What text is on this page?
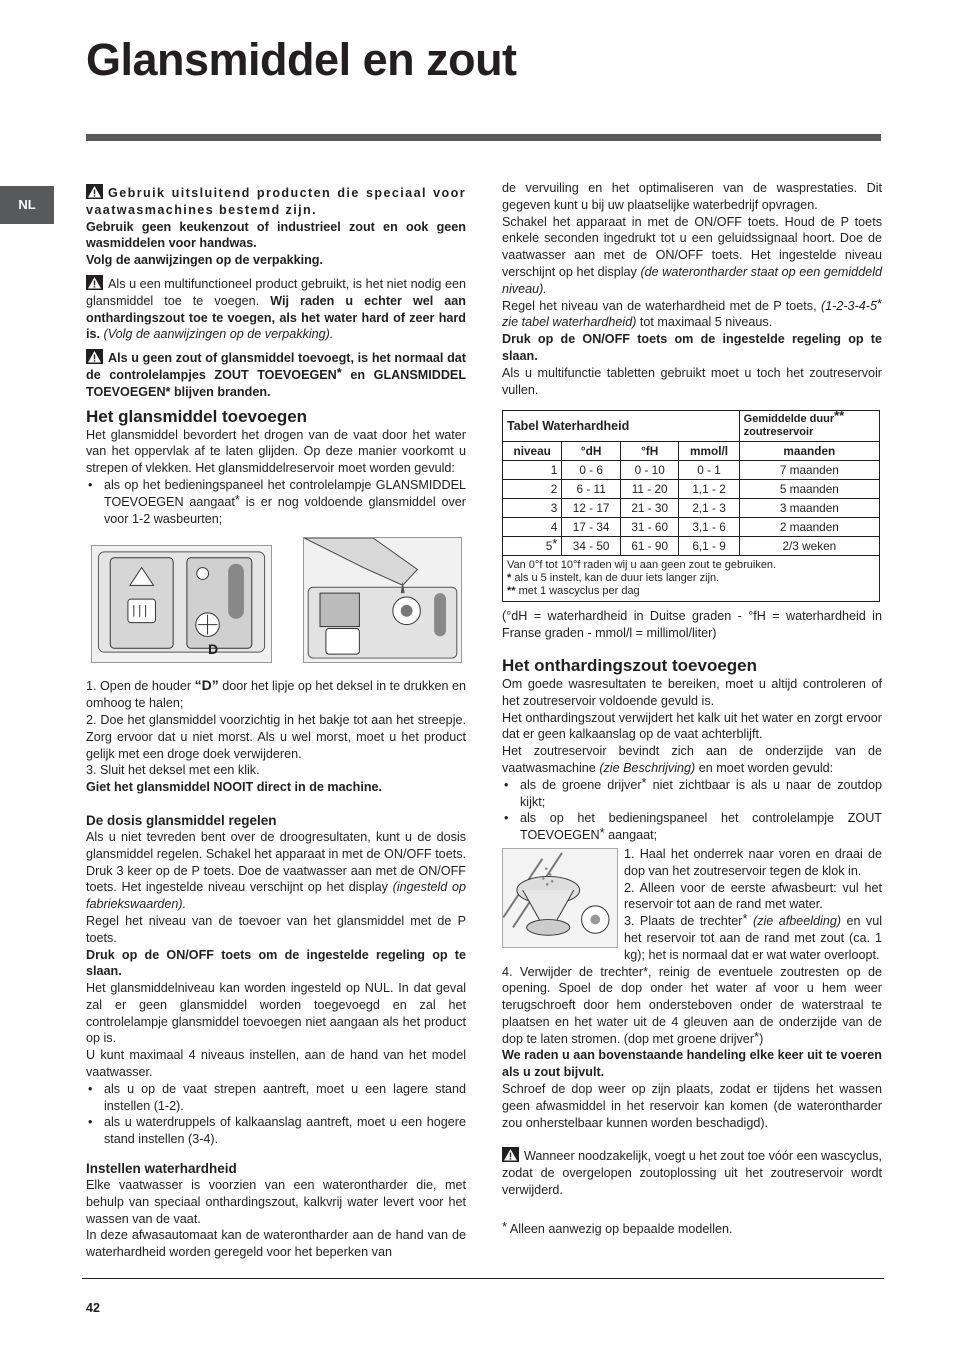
Glansmiddel en zout
NL

Gebruik uitsluitend producten die speciaal voor vaatwasmachines bestemd zijn.
Gebruik geen keukenzout of industrieel zout en ook geen wasmiddelen voor handwas.
Volg de aanwijzingen op de verpakking.

Als u een multifunctioneel product gebruikt, is het niet nodig een glansmiddel toe te voegen. Wij raden u echter wel aan onthardingszout toe te voegen, als het water hard of zeer hard is. (Volg de aanwijzingen op de verpakking).

Als u geen zout of glansmiddel toevoegt, is het normaal dat de controlelampjes ZOUT TOEVOEGEN* en GLANSMIDDEL TOEVOEGEN* blijven branden.

Het glansmiddel toevoegen

Het glansmiddel bevordert het drogen van de vaat door het water van het oppervlak af te laten glijden. Op deze manier voorkomt u strepen of vlekken. Het glansmiddelreservoir moet worden gevuld:

• als op het bedieningspaneel het controlelampje GLANSMIDDEL TOEVOEGEN aangaat* is er nog voldoende glansmiddel over voor 1-2 wasbeurten;
D

1. Open de houder “D” door het lipje op het deksel in te drukken en omhoog te halen;

2. Doe het glansmiddel voorzichtig in het bakje tot aan het streepje. Zorg ervoor dat u niet morst. Als u wel morst, moet u het product gelijk met een droge doek verwijderen.

3. Sluit het deksel met een klik.

Giet het glansmiddel NOOIT direct in de machine.

De dosis glansmiddel regelen

Als u niet tevreden bent over de droogresultaten, kunt u de dosis glansmiddel regelen. Schakel het apparaat in met de ON/OFF toets. Druk 3 keer op de P toets. Doe de vaatwasser aan met de ON/OFF toets. Het ingestelde niveau verschijnt op het display (ingesteld op fabriekswaarden).

Regel het niveau van de toevoer van het glansmiddel met de P toets.

Druk op de ON/OFF toets om de ingestelde regeling op te slaan.

Het glansmiddelniveau kan worden ingesteld op NUL. In dat geval zal er geen glansmiddel worden toegevoegd en zal het controlelampje glansmiddel toevoegen niet aangaan als het product op is.

U kunt maximaal 4 niveaus instellen, aan de hand van het model vaatwasser.

• als u op de vaat strepen aantreft, moet u een lagere stand instellen (1-2).
• als u waterdruppels of kalkaanslag aantreft, moet u een hogere stand instellen (3-4).
Instellen waterhardheid

Elke vaatwasser is voorzien van een waterontharder die, met behulp van speciaal onthardingszout, kalkvrij water levert voor het wassen van de vaat.

In deze afwasautomaat kan de waterontharder aan de hand van de waterhardheid worden geregeld voor het beperken van

de vervuiling en het optimaliseren van de wasprestaties. Dit gegeven kunt u bij uw plaatselijke waterbedrijf opvragen.

Schakel het apparaat in met de ON/OFF toets. Houd de P toets enkele seconden ingedrukt tot u een geluidssignaal hoort. Doe de vaatwasser aan met de ON/OFF toets. Het ingestelde niveau verschijnt op het display (de waterontharder staat op een gemiddeld niveau).

Regel het niveau van de waterhardheid met de P toets, (1-2-3-4-5* zie tabel waterhardheid) tot maximaal 5 niveaus.

Druk op de ON/OFF toets om de ingestelde regeling op te slaan.

Als u multifunctie tabletten gebruikt moet u toch het zoutreservoir vullen.

Tabel Waterhardheid				Gemiddelde duur**
zoutreservoir
niveau	°dH	°fH	mmol/l	maanden
1	0 - 6	0 - 10	0 - 1	7 maanden
2	6 - 11	11 - 20	1,1 - 2	5 maanden
3	12 - 17	21 - 30	2,1 - 3	3 maanden
4	17 - 34	31 - 60	3,1 - 6	2 maanden
5*	34 - 50	61 - 90	6,1 - 9	2/3 weken
Van 0°f tot 10°f raden wij u aan geen zout te gebruiken.
* als u 5 instelt, kan de duur iets langer zijn.
** met 1 wascyclus per dag				

(°dH = waterhardheid in Duitse graden - °fH = waterhardheid in Franse graden - mmol/l = millimol/liter)

Het onthardingszout toevoegen

Om goede wasresultaten te bereiken, moet u altijd controleren of het zoutreservoir voldoende gevuld is.

Het onthardingszout verwijdert het kalk uit het water en zorgt ervoor dat er geen kalkaanslag op de vaat achterblijft.

Het zoutreservoir bevindt zich aan de onderzijde van de vaatwasmachine (zie Beschrijving) en moet worden gevuld:

• als de groene drijver* niet zichtbaar is als u naar de zoutdop kijkt;
• als op het bedieningspaneel het controlelampje ZOUT TOEVOEGEN* aangaat;

1. Haal het onderrek naar voren en draai de dop van het zoutreservoir tegen de klok in.

2. Alleen voor de eerste afwasbeurt: vul het reservoir tot aan de rand met water.

3. Plaats de trechter* (zie afbeelding) en vul het reservoir tot aan de rand met zout (ca. 1 kg); het is normaal dat er wat water overloopt.

4. Verwijder de trechter*, reinig de eventuele zoutresten op de opening. Spoel de dop onder het water af voor u hem weer terugschroeft door hem ondersteboven onder de waterstraal te plaatsen en het water uit de 4 gleuven aan de onderzijde van de dop te laten stromen. (dop met groene drijver*)

We raden u aan bovenstaande handeling elke keer uit te voeren als u zout bijvult.

Schroef de dop weer op zijn plaats, zodat er tijdens het wassen geen afwasmiddel in het reservoir kan komen (de waterontharder zou onherstelbaar kunnen worden beschadigd).

Wanneer noodzakelijk, voegt u het zout toe vóór een wascyclus, zodat de overgelopen zoutoplossing uit het zoutreservoir wordt verwijderd.

* Alleen aanwezig op bepaalde modellen.

42
